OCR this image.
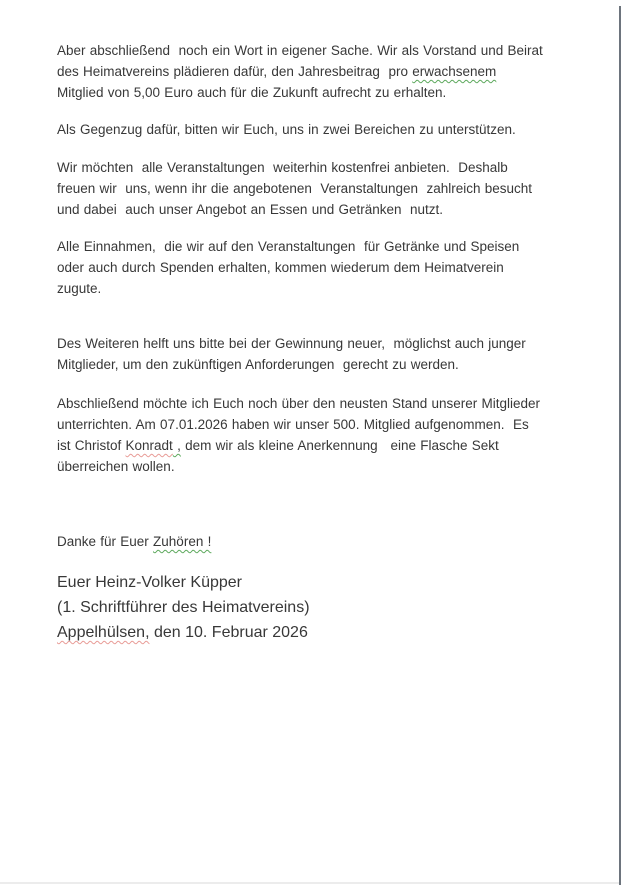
Aber abschließend  noch ein Wort in eigener Sache. Wir als Vorstand und Beirat
des Heimatvereins plädieren dafür, den Jahresbeitrag  pro erwachsenem
Mitglied von 5,00 Euro auch für die Zukunft aufrecht zu erhalten.
Als Gegenzug dafür, bitten wir Euch, uns in zwei Bereichen zu unterstützen.
Wir möchten  alle Veranstaltungen  weiterhin kostenfrei anbieten.  Deshalb
freuen wir  uns, wenn ihr die angebotenen  Veranstaltungen  zahlreich besucht
und dabei  auch unser Angebot an Essen und Getränken  nutzt.
Alle Einnahmen,  die wir auf den Veranstaltungen  für Getränke und Speisen
oder auch durch Spenden erhalten, kommen wiederum dem Heimatverein
zugute.
Des Weiteren helft uns bitte bei der Gewinnung neuer,  möglichst auch junger
Mitglieder, um den zukünftigen Anforderungen  gerecht zu werden.
Abschließend möchte ich Euch noch über den neusten Stand unserer Mitglieder
unterrichten. Am 07.01.2026 haben wir unser 500. Mitglied aufgenommen.  Es
ist Christof Konradt , dem wir als kleine Anerkennung   eine Flasche Sekt
überreichen wollen.
Danke für Euer Zuhören !
Euer Heinz-Volker Küpper
(1. Schriftführer des Heimatvereins)
Appelhülsen, den 10. Februar 2026
